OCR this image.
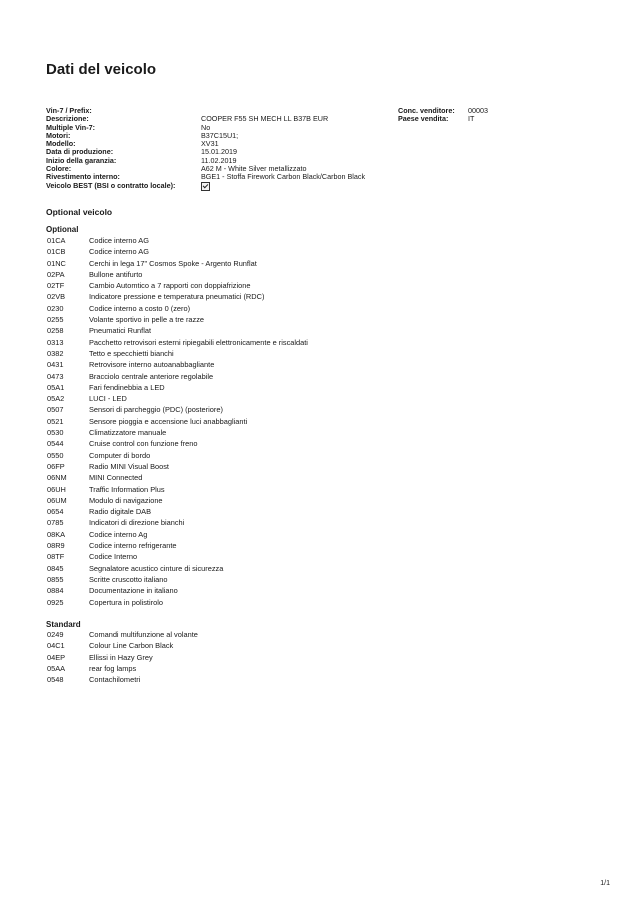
Dati del veicolo
Vin-7 / Prefix:
Descrizione:	COOPER F55 SH MECH LL B37B EUR
Multiple Vin-7:	No
Motori:	B37C15U1;
Modello:	XV31
Data di produzione:	15.01.2019
Inizio della garanzia:	11.02.2019
Colore:	A62 M - White Silver metallizzato
Rivestimento interno:	BGE1 - Stoffa Firework Carbon Black/Carbon Black
Veicolo BEST (BSI o contratto locale):
Conc. venditore: 00003
Paese vendita:	IT
Optional veicolo
Optional
01CA	Codice interno AG
01CB	Codice interno AG
01NC	Cerchi in lega 17" Cosmos Spoke - Argento Runflat
02PA	Bullone antifurto
02TF	Cambio Automtico a 7 rapporti con doppiafrizione
02VB	Indicatore pressione e temperatura pneumatici (RDC)
0230	Codice interno a costo 0 (zero)
0255	Volante sportivo in pelle a tre razze
0258	Pneumatici Runflat
0313	Pacchetto retrovisori esterni ripiegabili elettronicamente e riscaldati
0382	Tetto e specchietti bianchi
0431	Retrovisore interno autoanabbagliante
0473	Bracciolo centrale anteriore regolabile
05A1	Fari fendinebbia a LED
05A2	LUCI - LED
0507	Sensori di parcheggio (PDC) (posteriore)
0521	Sensore pioggia e accensione luci anabbaglianti
0530	Climatizzatore manuale
0544	Cruise control con funzione freno
0550	Computer di bordo
06FP	Radio MINI Visual Boost
06NM	MINI Connected
06UH	Traffic Information Plus
06UM	Modulo di navigazione
0654	Radio digitale DAB
0785	Indicatori di direzione bianchi
08KA	Codice interno Ag
08R9	Codice interno refrigerante
08TF	Codice Interno
0845	Segnalatore acustico cinture di sicurezza
0855	Scritte cruscotto italiano
0884	Documentazione in italiano
0925	Copertura in polistirolo
Standard
0249	Comandi multifunzione al volante
04C1	Colour Line Carbon Black
04EP	Ellissi in Hazy Grey
05AA	rear fog lamps
0548	Contachilometri
1/1
